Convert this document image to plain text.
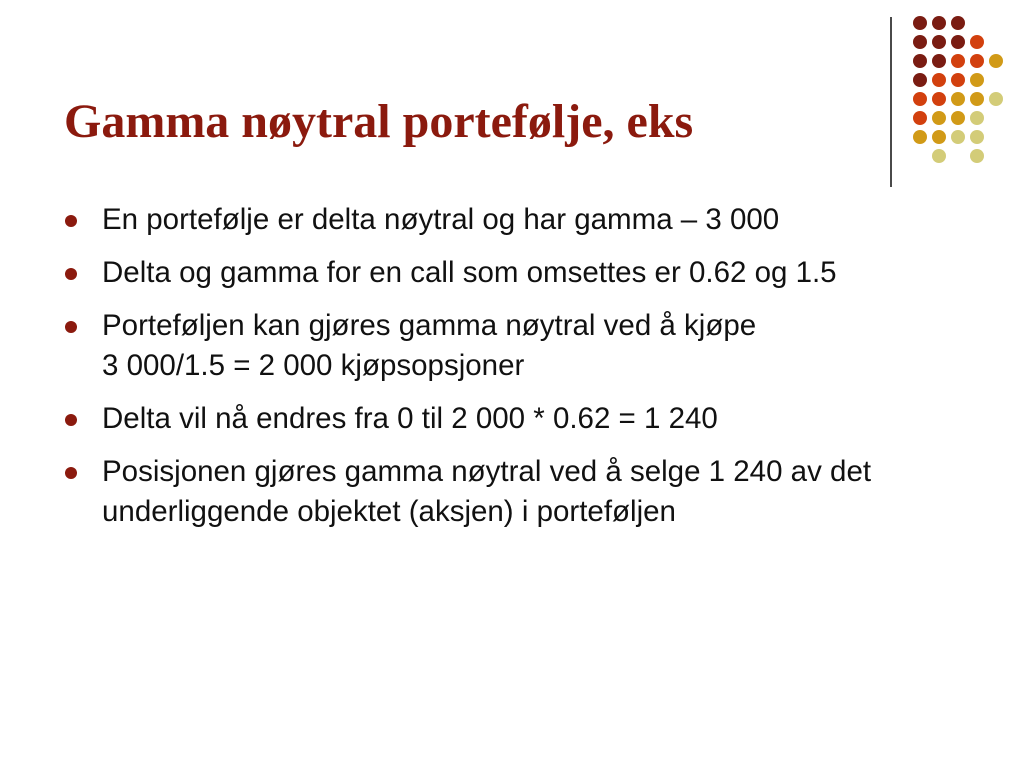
Gamma nøytral portefølje, eks
En portefølje er delta nøytral og har gamma – 3 000
Delta og gamma for en call som omsettes er 0.62 og 1.5
Porteføljen kan gjøres gamma nøytral ved å kjøpe
3 000/1.5 = 2 000 kjøpsopsjoner
Delta vil nå endres fra 0 til 2 000 * 0.62 = 1 240
Posisjonen gjøres gamma nøytral ved å selge 1 240 av det underliggende objektet (aksjen) i porteføljen
